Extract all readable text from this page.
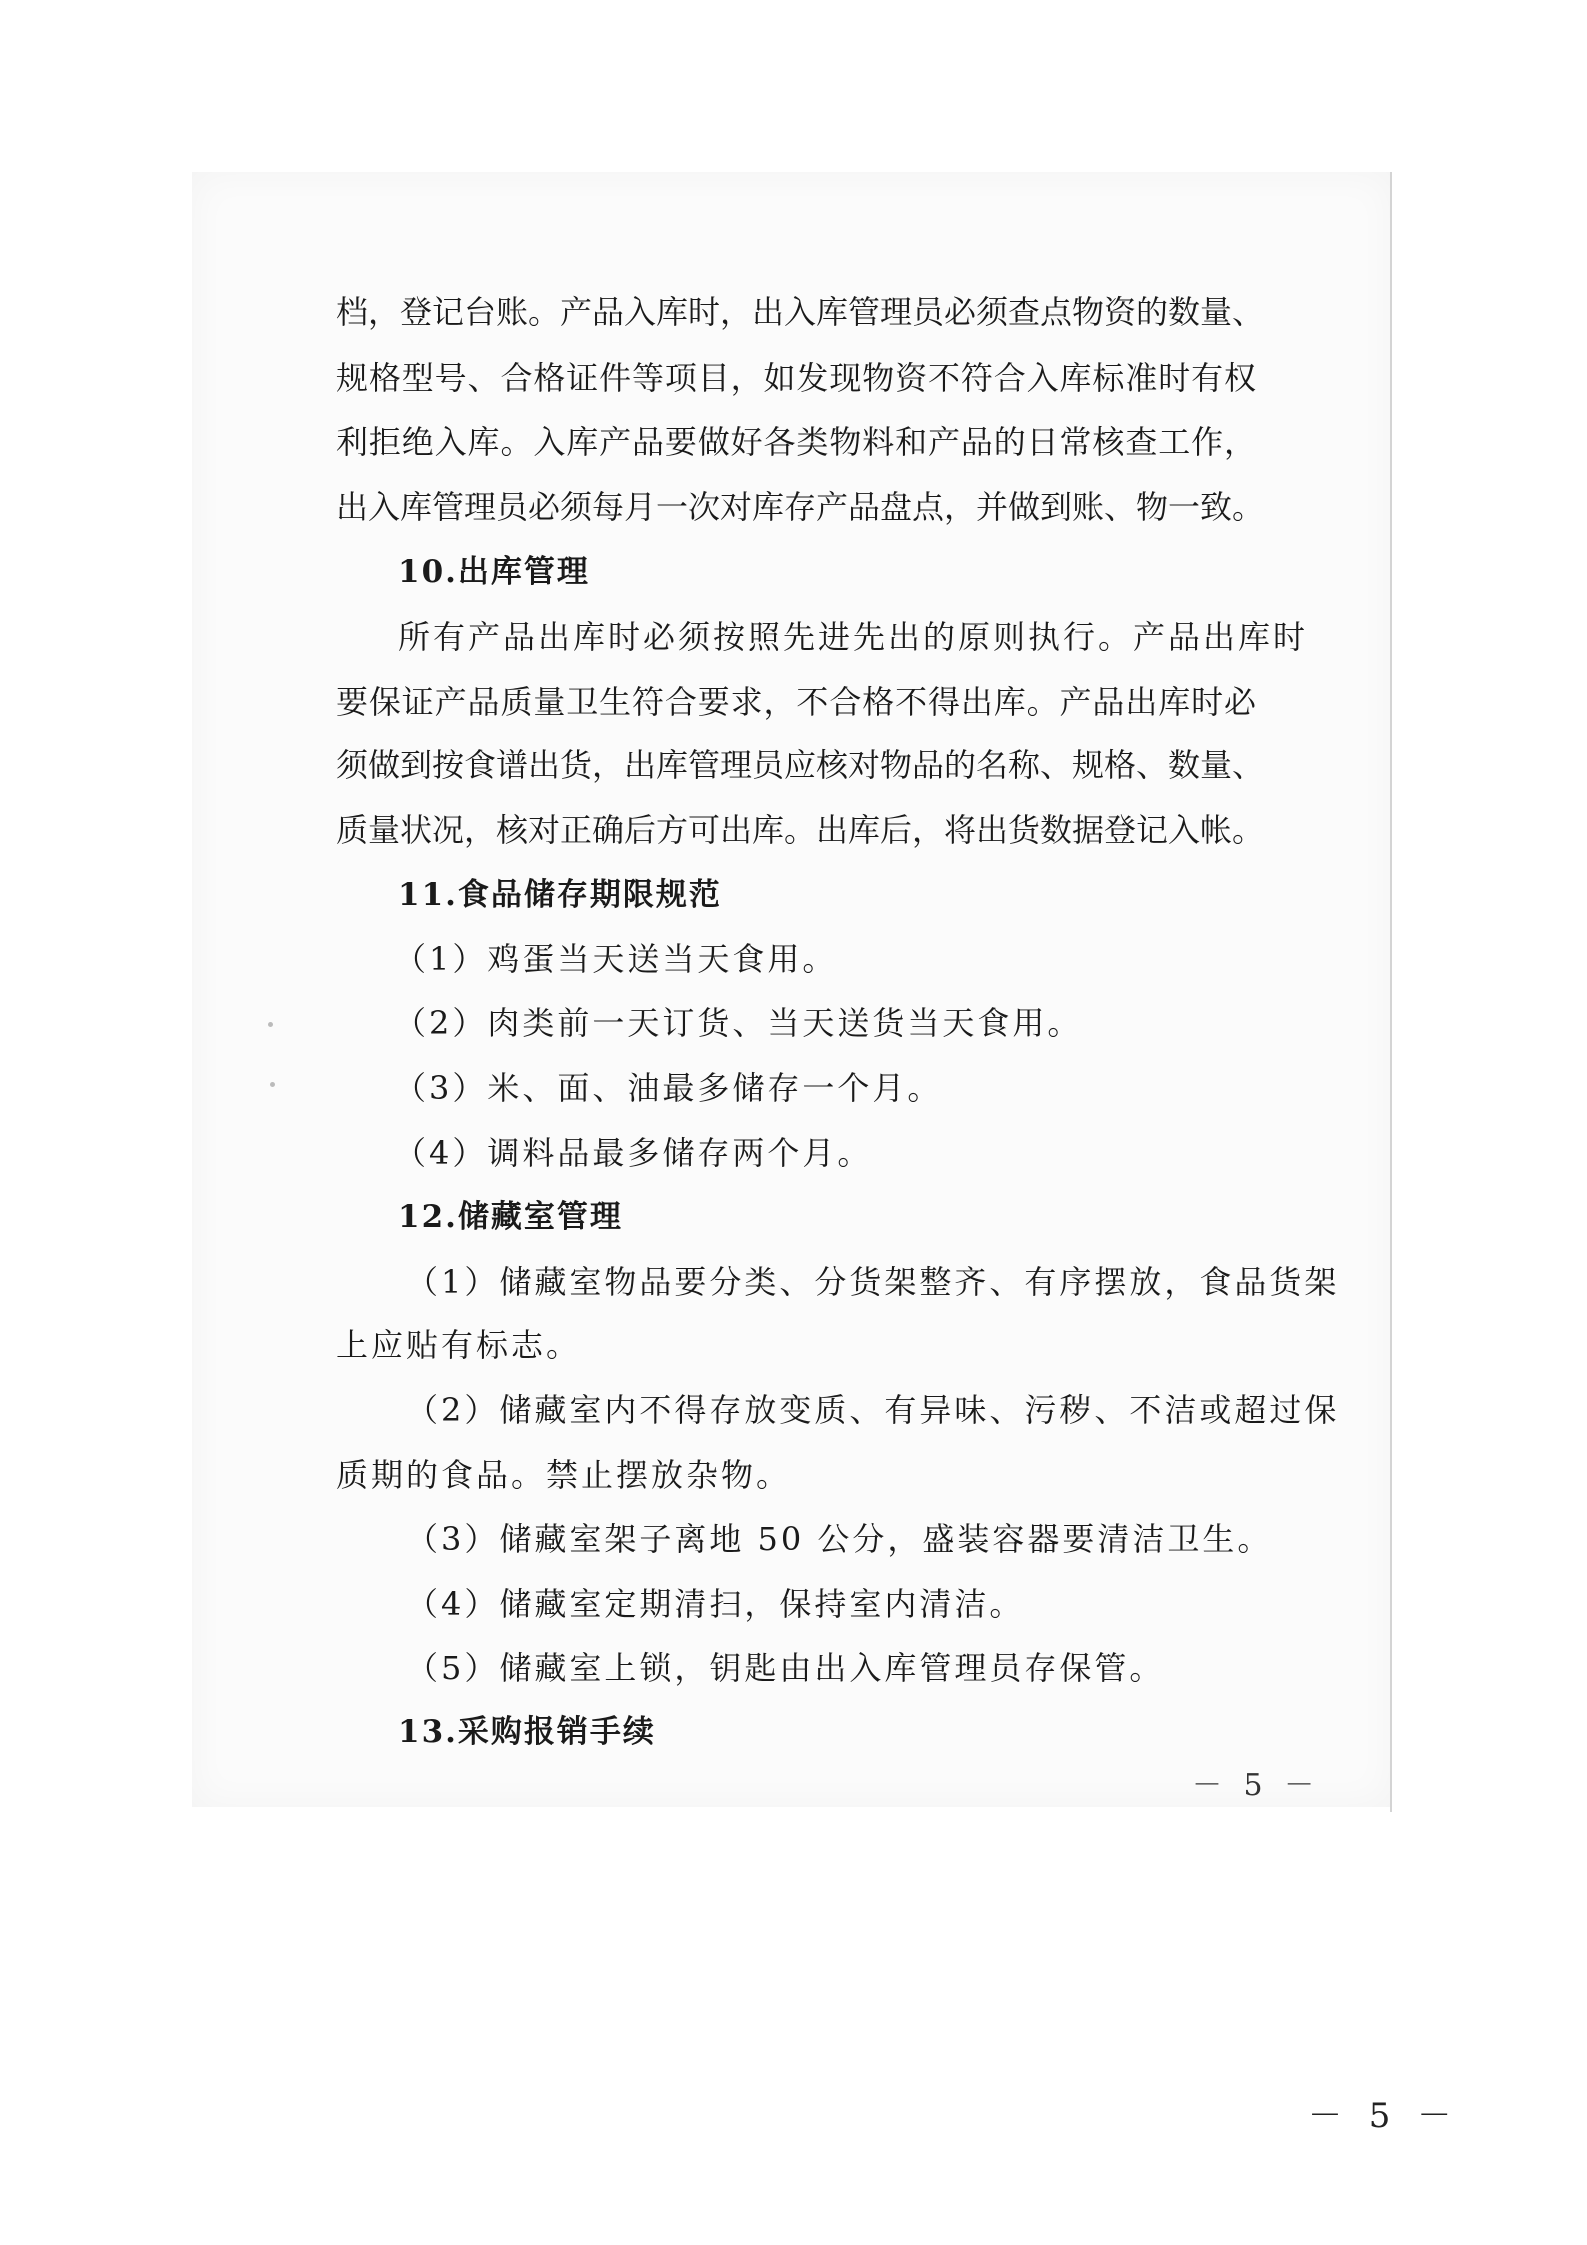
档，登记台账。产品入库时，出入库管理员必须查点物资的数量、
规格型号、合格证件等项目，如发现物资不符合入库标准时有权
利拒绝入库。入库产品要做好各类物料和产品的日常核查工作，
出入库管理员必须每月一次对库存产品盘点，并做到账、物一致。
10.出库管理
所有产品出库时必须按照先进先出的原则执行。产品出库时
要保证产品质量卫生符合要求，不合格不得出库。产品出库时必
须做到按食谱出货，出库管理员应核对物品的名称、规格、数量、
质量状况，核对正确后方可出库。出库后，将出货数据登记入帐。
11.食品储存期限规范
（1）鸡蛋当天送当天食用。
（2）肉类前一天订货、当天送货当天食用。
（3）米、面、油最多储存一个月。
（4）调料品最多储存两个月。
12.储藏室管理
（1）储藏室物品要分类、分货架整齐、有序摆放，食品货架
上应贴有标志。
（2）储藏室内不得存放变质、有异味、污秽、不洁或超过保
质期的食品。禁止摆放杂物。
（3）储藏室架子离地 50 公分，盛装容器要清洁卫生。
（4）储藏室定期清扫，保持室内清洁。
（5）储藏室上锁，钥匙由出入库管理员存保管。
13.采购报销手续
－ 5 －
－ 5 －
